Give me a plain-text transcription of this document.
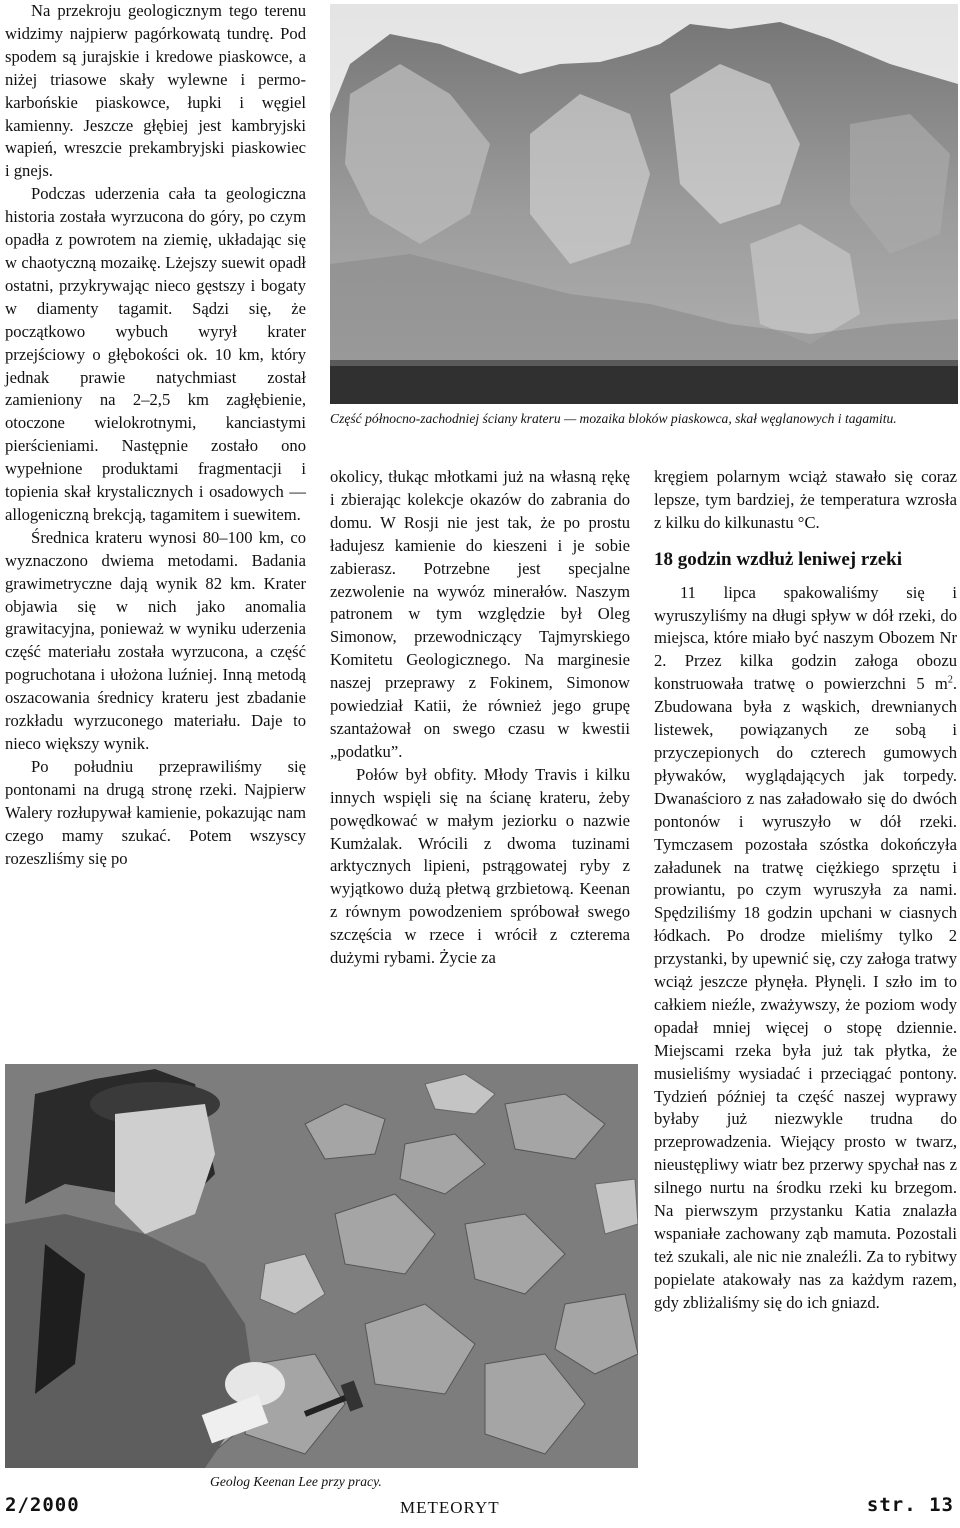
Na przekroju geologicznym tego terenu widzimy najpierw pagórkowatą tundrę. Pod spodem są jurajskie i kredowe piaskowce, a niżej triasowe skały wylewne i permo-karbońskie piaskowce, łupki i węgiel kamienny. Jeszcze głębiej jest kambryjski wapień, wreszcie prekambryjski piaskowiec i gnejs.

Podczas uderzenia cała ta geologiczna historia została wyrzucona do góry, po czym opadła z powrotem na ziemię, układając się w chaotyczną mozaikę. Lżejszy suewit opadł ostatni, przykrywając nieco gęstszy i bogaty w diamenty tagamit. Sądzi się, że początkowo wybuch wyrył krater przejściowy o głębokości ok. 10 km, który jednak prawie natychmiast został zamieniony na 2–2,5 km zagłębienie, otoczone wielokrotnymi, kanciastymi pierścieniami. Następnie zostało ono wypełnione produktami fragmentacji i topienia skał krystalicznych i osadowych — allogeniczną brekcją, tagamitem i suewitem.

Średnica krateru wynosi 80–100 km, co wyznaczono dwiema metodami. Badania grawimetryczne dają wynik 82 km. Krater objawia się w nich jako anomalia grawitacyjna, ponieważ w wyniku uderzenia część materiału została wyrzucona, a część pogruchotana i ułożona luźniej. Inną metodą oszacowania średnicy krateru jest zbadanie rozkładu wyrzuconego materiału. Daje to nieco większy wynik.

Po południu przeprawiliśmy się pontonami na drugą stronę rzeki. Najpierw Walery rozłupywał kamienie, pokazując nam czego mamy szukać. Potem wszyscy rozeszliśmy się po

Część północno-zachodniej ściany krateru — mozaika bloków piaskowca, skał węglanowych i tagamitu.

okolicy, tłukąc młotkami już na własną rękę i zbierając kolekcje okazów do zabrania do domu. W Rosji nie jest tak, że po prostu ładujesz kamienie do kieszeni i je sobie zabierasz. Potrzebne jest specjalne zezwolenie na wywóz minerałów. Naszym patronem w tym względzie był Oleg Simonow, przewodniczący Tajmyrskiego Komitetu Geologicznego. Na marginesie naszej przeprawy z Fokinem, Simonow powiedział Katii, że również jego grupę szantażował on swego czasu w kwestii „podatku”.

Połów był obfity. Młody Travis i kilku innych wspięli się na ścianę krateru, żeby powędkować w małym jeziorku o nazwie Kumżalak. Wrócili z dwoma tuzinami arktycznych lipieni, pstrągowatej ryby z wyjątkowo dużą płetwą grzbietową. Keenan z równym powodzeniem spróbował swego szczęścia w rzece i wrócił z czterema dużymi rybami. Życie za

kręgiem polarnym wciąż stawało się coraz lepsze, tym bardziej, że temperatura wzrosła z kilku do kilkunastu °C.

18 godzin wzdłuż leniwej rzeki

11 lipca spakowaliśmy się i wyruszyliśmy na długi spływ w dół rzeki, do miejsca, które miało być naszym Obozem Nr 2. Przez kilka godzin załoga obozu konstruowała tratwę o powierzchni 5 $m^2$. Zbudowana była z wąskich, drewnianych listewek, powiązanych ze sobą i przyczepionych do czterech gumowych pływaków, wyglądających jak torpedy. Dwanaścioro z nas załadowało się do dwóch pontonów i wyruszyło w dół rzeki. Tymczasem pozostała szóstka dokończyła załadunek na tratwę ciężkiego sprzętu i prowiantu, po czym wyruszyła za nami. Spędziliśmy 18 godzin upchani w ciasnych łódkach. Po drodze mieliśmy tylko 2 przystanki, by upewnić się, czy załoga tratwy wciąż jeszcze płynęła. Płynęli. I szło im to całkiem nieźle, zważywszy, że poziom wody opadał mniej więcej o stopę dziennie. Miejscami rzeka była już tak płytka, że musieliśmy wysiadać i przeciągać pontony. Tydzień później ta część naszej wyprawy byłaby już niezwykle trudna do przeprowadzenia. Wiejący prosto w twarz, nieustępliwy wiatr bez przerwy spychał nas z silnego nurtu na środku rzeki ku brzegom. Na pierwszym przystanku Katia znalazła wspaniałe zachowany ząb mamuta. Pozostali też szukali, ale nic nie znaleźli. Za to rybitwy popielate atakowały nas za każdym razem, gdy zbliżaliśmy się do ich gniazd.

Geolog Keenan Lee przy pracy.
2/2000	METEORYT	str. 13
